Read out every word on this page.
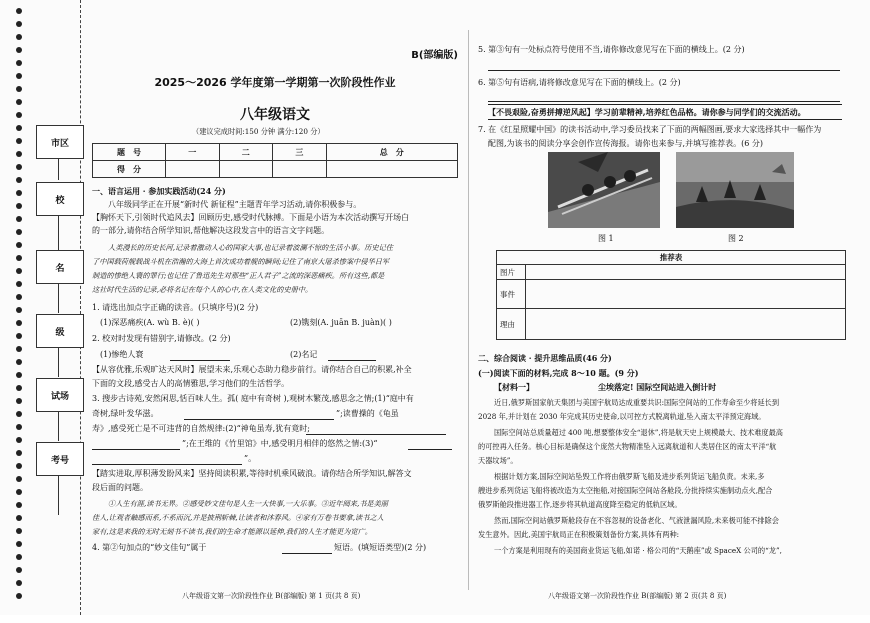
市区
校
名
级
试场
考号
B(部编版)
2025～2026 学年度第一学期第一次阶段性作业
八年级语文
（建议完成时间:150 分钟 满分:120 分）
题　号	一	二	三	总　分
得　分				
一、语言运用 · 参加实践活动(24 分)
八年级同学正在开展“新时代 新征程”主题青年学习活动,请你积极参与。
【胸怀天下,引领时代追风去】回顾历史,感受时代脉搏。下面是小语为本次活动撰写开场白
的一部分,请你结合所学知识,帮他解决这段发言中的语言文字问题。
人类漫长的历史长河,记录着激动人心的国家大事,也记录着波澜不惊的生活小事。历史记住
了中国载荷舰载战斗机在浩瀚的大海上首次成功着舰的瞬间;记住了南京大屠杀惨案中侵华日军
制造的惨绝人寰的罪行;也记住了鲁迅先生对那些“正人君子”之流的深恶痛疾。所有这些,都是
这社时代生活的记录,必将名记在每个人的心中,在人类文化的史册中。
1. 请选出加点字正确的读音。(只填序号)(2 分)
(1)深恶痛疾(A. wù B. è)( )	(2)镌刻(A. juān B. juàn)( )
2. 校对时发现有错别字,请修改。(2 分)
(1)惨绝人寰	(2)名记
【从容优雅,乐观旷达天风时】展望未来,乐观心态助力稳步前行。请你结合自己的积累,补全
下面的文段,感受古人的高情雅思,学习他们的生活哲学。
3. 搜步古诗苑,安然闲思,恬百味人生。孤( 庭中有奇树 ),观树木繁茂,感思念之情;(1)“庭中有
奇树,绿叶发华滋。	”;读曹操的《龟虽
寿》,感受死亡是不可违背的自然规律:(2)“神龟虽寿,犹有竟时;
”;在王维的《竹里馆》中,感受明月相伴的悠然之情:(3)“
”。
【踏实进取,厚积薄发盼风来】坚持阅读积累,等待时机乘风破浪。请你结合所学知识,解答文
段后面的问题。
①人生有涯,读书无界。②感受妙文佳句是人生一大快事,一大乐事。③近年阅来,书是美丽
佳人,让观者触感而系,不系而沉,并是披荆斩棘,让读者和沐春风。④家有万卷书要拿,读书之人
家有,这是来我的无时无刻书不读书,我们的生命才能源以延伸,我们的人生才能更为宽广。
4. 第②句加点的“妙文佳句”属于	短语。(填短语类型)(2 分)
八年级语文第一次阶段性作业 B(部编版) 第 1 页(共 8 页)
5. 第③句有一处标点符号使用不当,请你修改意见写在下面的横线上。(2 分)
6. 第⑤句有语病,请将修改意见写在下面的横线上。(2 分)
【不畏艰险,奋勇拼搏逆风起】学习前辈精神,培养红色品格。请你参与同学们的交流活动。
7. 在《红星照耀中国》的读书活动中,学习委员找来了下面的两幅图画,要求大家选择其中一幅作为
配图,为该书的阅读分享会创作宣传海报。请你也来参与,并填写推荐表。(6 分)
图 1	图 2
推荐表	
图片	
事件	
理由	
二、综合阅读 · 提升思维品质(46 分)
(一)阅读下面的材料,完成 8～10 题。(9 分)
【材料一】	尘埃落定! 国际空间站进入倒计时
近日,俄罗斯国家航天集团与美国宇航局达成重要共识:国际空间站的工作寿命至少将延长到
2028 年,并计划在 2030 年完成其历史使命,以可控方式脱离轨道,坠入南太平洋预定海域。
国际空间站总质量超过 400 吨,想要整体安全“退休”,将是航天史上规模最大、技术难度最高
的可控再入任务。核心目标是确保这个庞然大物精准坠入远离航道和人类居住区的南太平洋“航
天器坟场”。
根据计划方案,国际空间站坠毁工作将由俄罗斯飞船及进步系列货运飞船负责。未来,多
艘进步系列货运飞船将被改造为太空拖船,对接国际空间站各舱段,分批持续实施制动点火,配合
俄罗斯舱段推进器工作,逐步将其轨道高度降至稳定的低轨区域。
然而,国际空间站俄罗斯舱段存在不容忽视的设备老化、气液泄漏风险,未来极可能不排除会
发生意外。因此,美国宇航局正在积极策划备份方案,具体有两种:
一个方案是利用现有的美国商业货运飞船,如诺 · 格公司的“天鹅座”或 SpaceX 公司的“龙”,
八年级语文第一次阶段性作业 B(部编版) 第 2 页(共 8 页)
